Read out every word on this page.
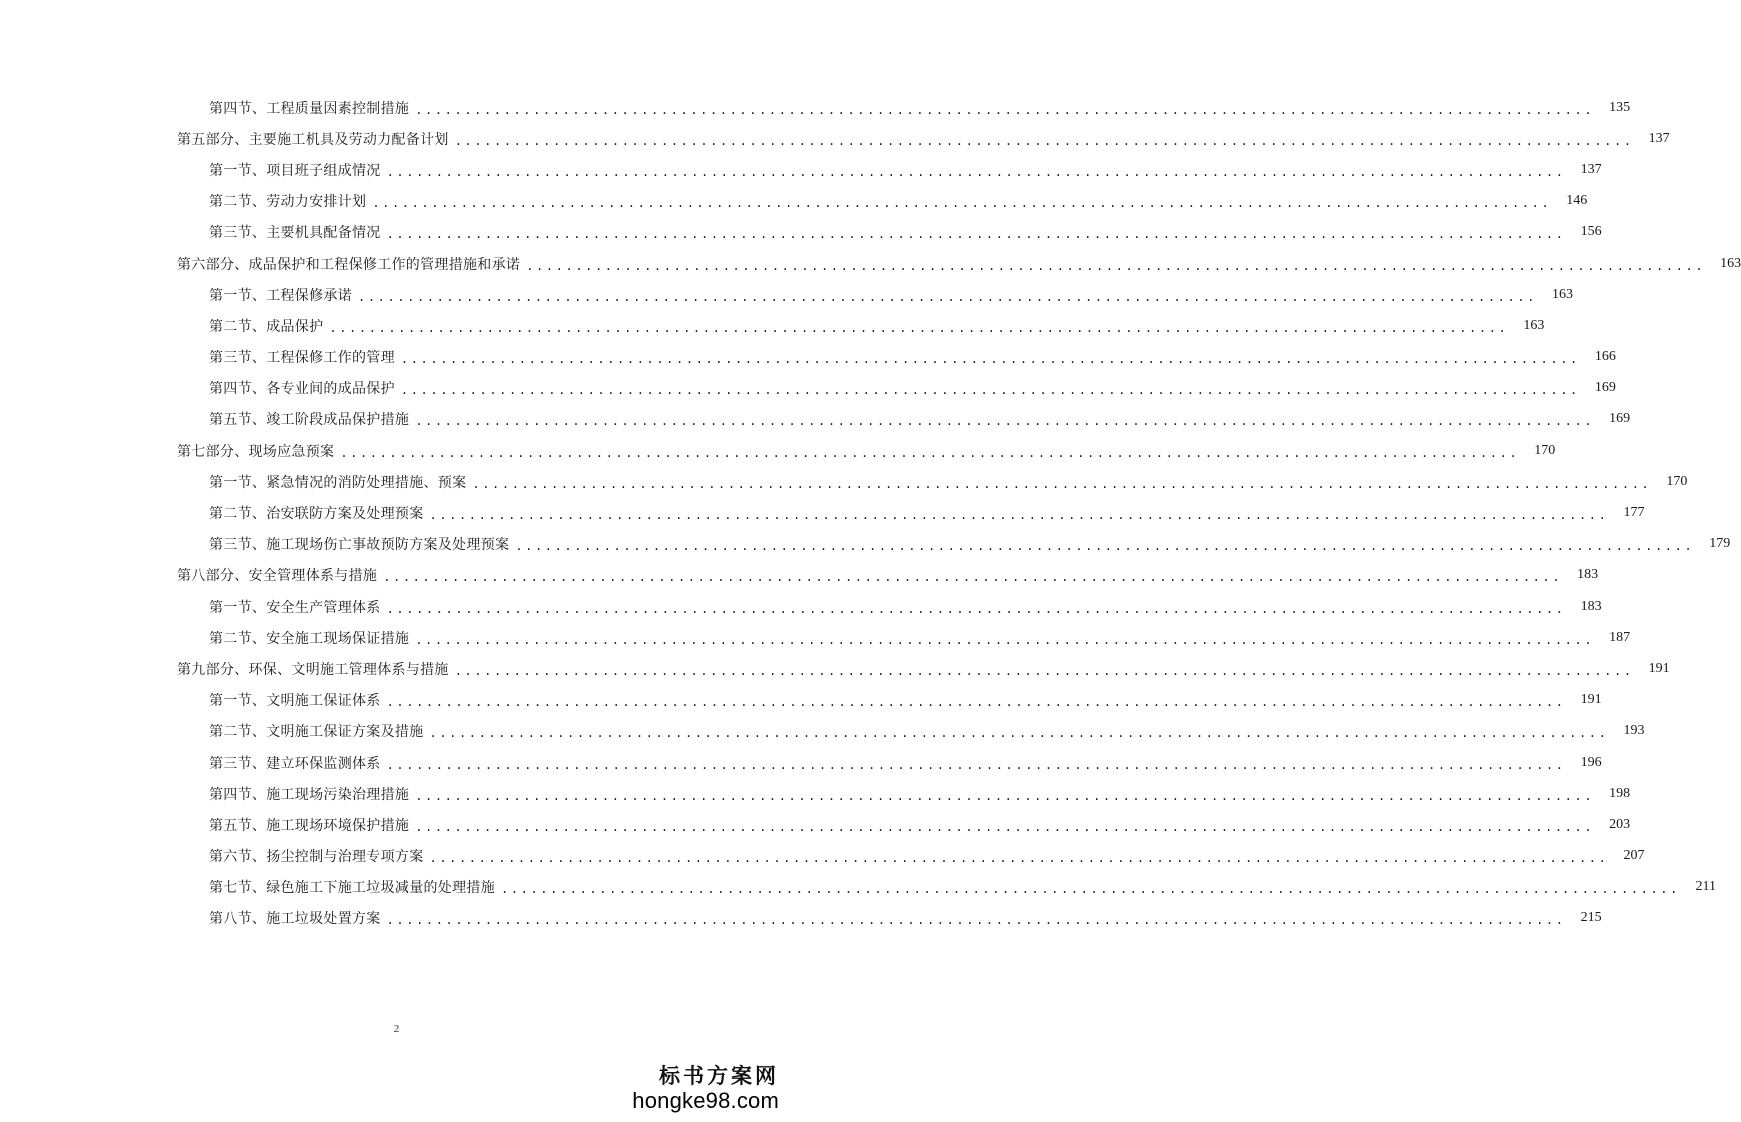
第四节、工程质量因素控制措施 ........................................................................................................................	135
第五部分、主要施工机具及劳动力配备计划 ........................................................................................................................	137
第一节、项目班子组成情况 ........................................................................................................................	137
第二节、劳动力安排计划 ........................................................................................................................	146
第三节、主要机具配备情况 ........................................................................................................................	156
第六部分、成品保护和工程保修工作的管理措施和承诺 ........................................................................................................................	163
第一节、工程保修承诺 ........................................................................................................................	163
第二节、成品保护 ........................................................................................................................	163
第三节、工程保修工作的管理 ........................................................................................................................	166
第四节、各专业间的成品保护 ........................................................................................................................	169
第五节、竣工阶段成品保护措施 ........................................................................................................................	169
第七部分、现场应急预案 ........................................................................................................................	170
第一节、紧急情况的消防处理措施、预案 ........................................................................................................................	170
第二节、治安联防方案及处理预案 ........................................................................................................................	177
第三节、施工现场伤亡事故预防方案及处理预案 ........................................................................................................................	179
第八部分、安全管理体系与措施 ........................................................................................................................	183
第一节、安全生产管理体系 ........................................................................................................................	183
第二节、安全施工现场保证措施 ........................................................................................................................	187
第九部分、环保、文明施工管理体系与措施 ........................................................................................................................	191
第一节、文明施工保证体系 ........................................................................................................................	191
第二节、文明施工保证方案及措施 ........................................................................................................................	193
第三节、建立环保监测体系 ........................................................................................................................	196
第四节、施工现场污染治理措施 ........................................................................................................................	198
第五节、施工现场环境保护措施 ........................................................................................................................	203
第六节、扬尘控制与治理专项方案 ........................................................................................................................	207
第七节、绿色施工下施工垃圾减量的处理措施 ........................................................................................................................	211
第八节、施工垃圾处置方案 ........................................................................................................................	215
2
标书方案网
hongke98.com
